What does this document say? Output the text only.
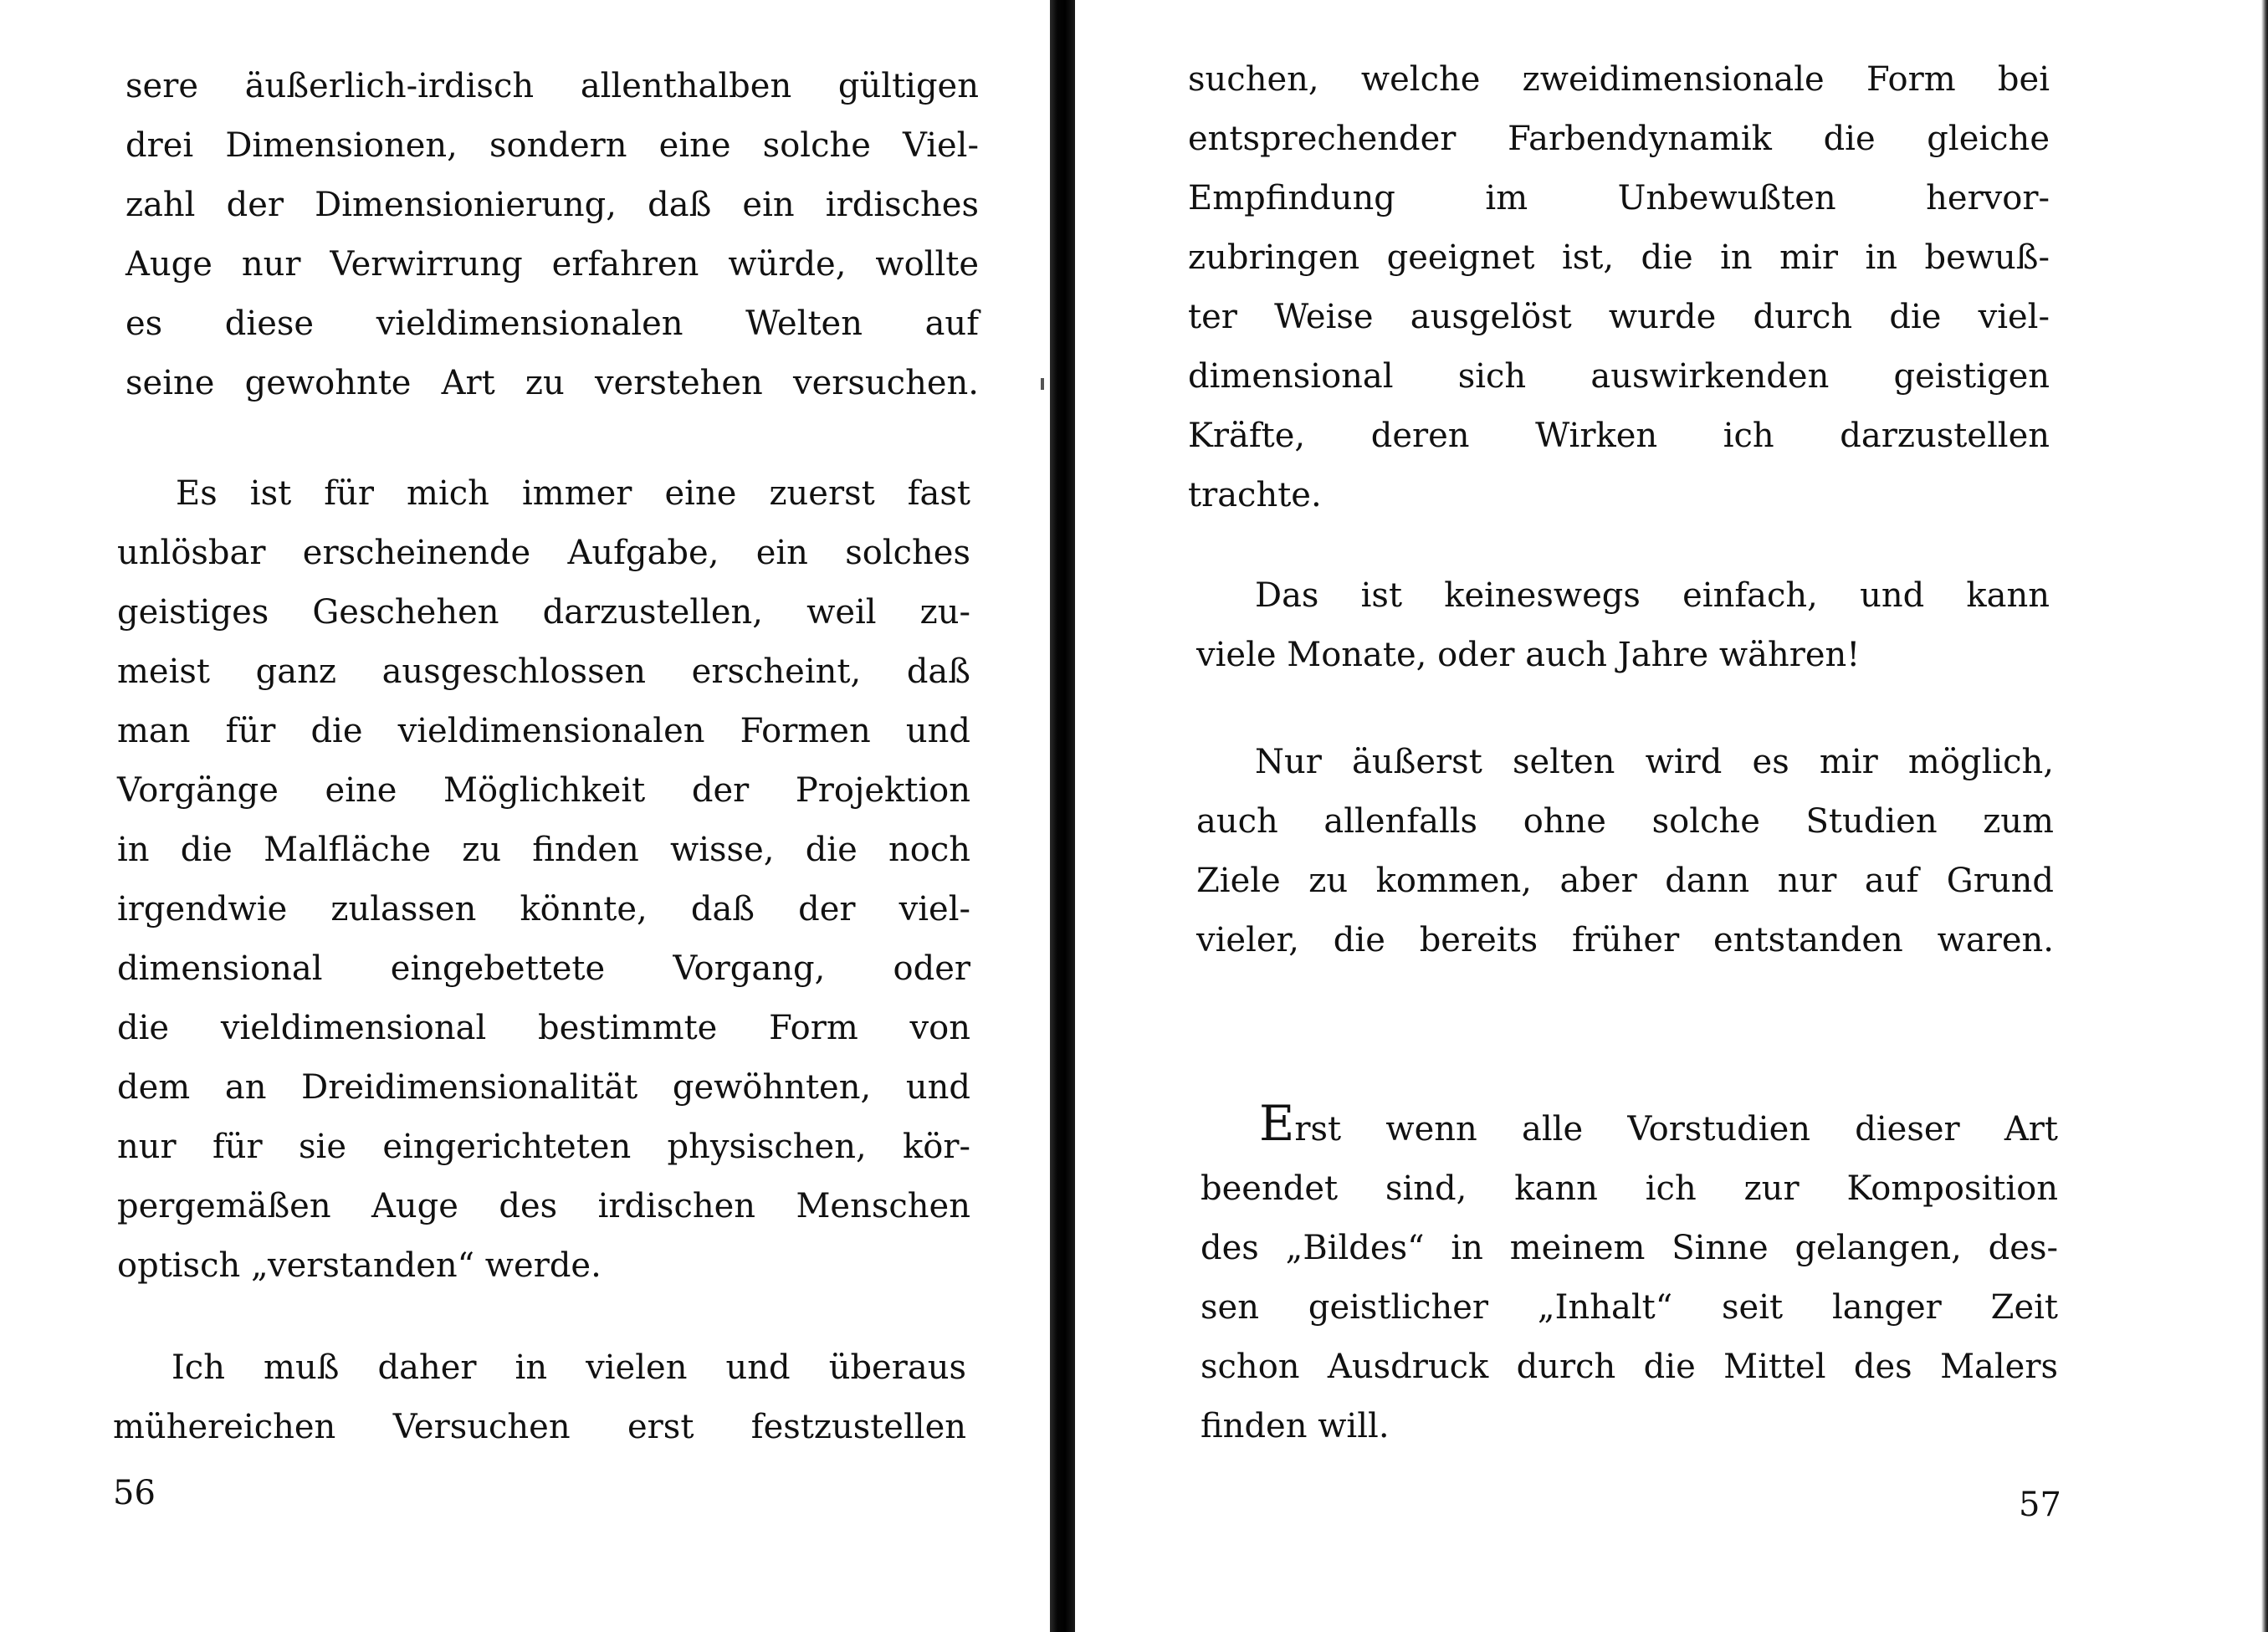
sere äußerlich-irdisch allenthalben gültigen
drei Dimensionen, sondern eine solche Viel-
zahl der Dimensionierung, daß ein irdisches
Auge nur Verwirrung erfahren würde, wollte
es diese vieldimensionalen Welten auf
seine gewohnte Art zu verstehen versuchen.
Es ist für mich immer eine zuerst fast
unlösbar erscheinende Aufgabe, ein solches
geistiges Geschehen darzustellen, weil zu-
meist ganz ausgeschlossen erscheint, daß
man für die vieldimensionalen Formen und
Vorgänge eine Möglichkeit der Projektion
in die Malfläche zu finden wisse, die noch
irgendwie zulassen könnte, daß der viel-
dimensional eingebettete Vorgang, oder
die vieldimensional bestimmte Form von
dem an Dreidimensionalität gewöhnten, und
nur für sie eingerichteten physischen, kör-
pergemäßen Auge des irdischen Menschen
optisch „verstanden“ werde.
Ich muß daher in vielen und überaus
mühereichen Versuchen erst festzustellen
56
suchen, welche zweidimensionale Form bei
entsprechender Farbendynamik die gleiche
Empfindung im Unbewußten hervor-
zubringen geeignet ist, die in mir in bewuß-
ter Weise ausgelöst wurde durch die viel-
dimensional sich auswirkenden geistigen
Kräfte, deren Wirken ich darzustellen
trachte.
Das ist keineswegs einfach, und kann
viele Monate, oder auch Jahre währen!
Nur äußerst selten wird es mir möglich,
auch allenfalls ohne solche Studien zum
Ziele zu kommen, aber dann nur auf Grund
vieler, die bereits früher entstanden waren.
Erst wenn alle Vorstudien dieser Art
beendet sind, kann ich zur Komposition
des „Bildes“ in meinem Sinne gelangen, des-
sen geistlicher „Inhalt“ seit langer Zeit
schon Ausdruck durch die Mittel des Malers
finden will.
57
